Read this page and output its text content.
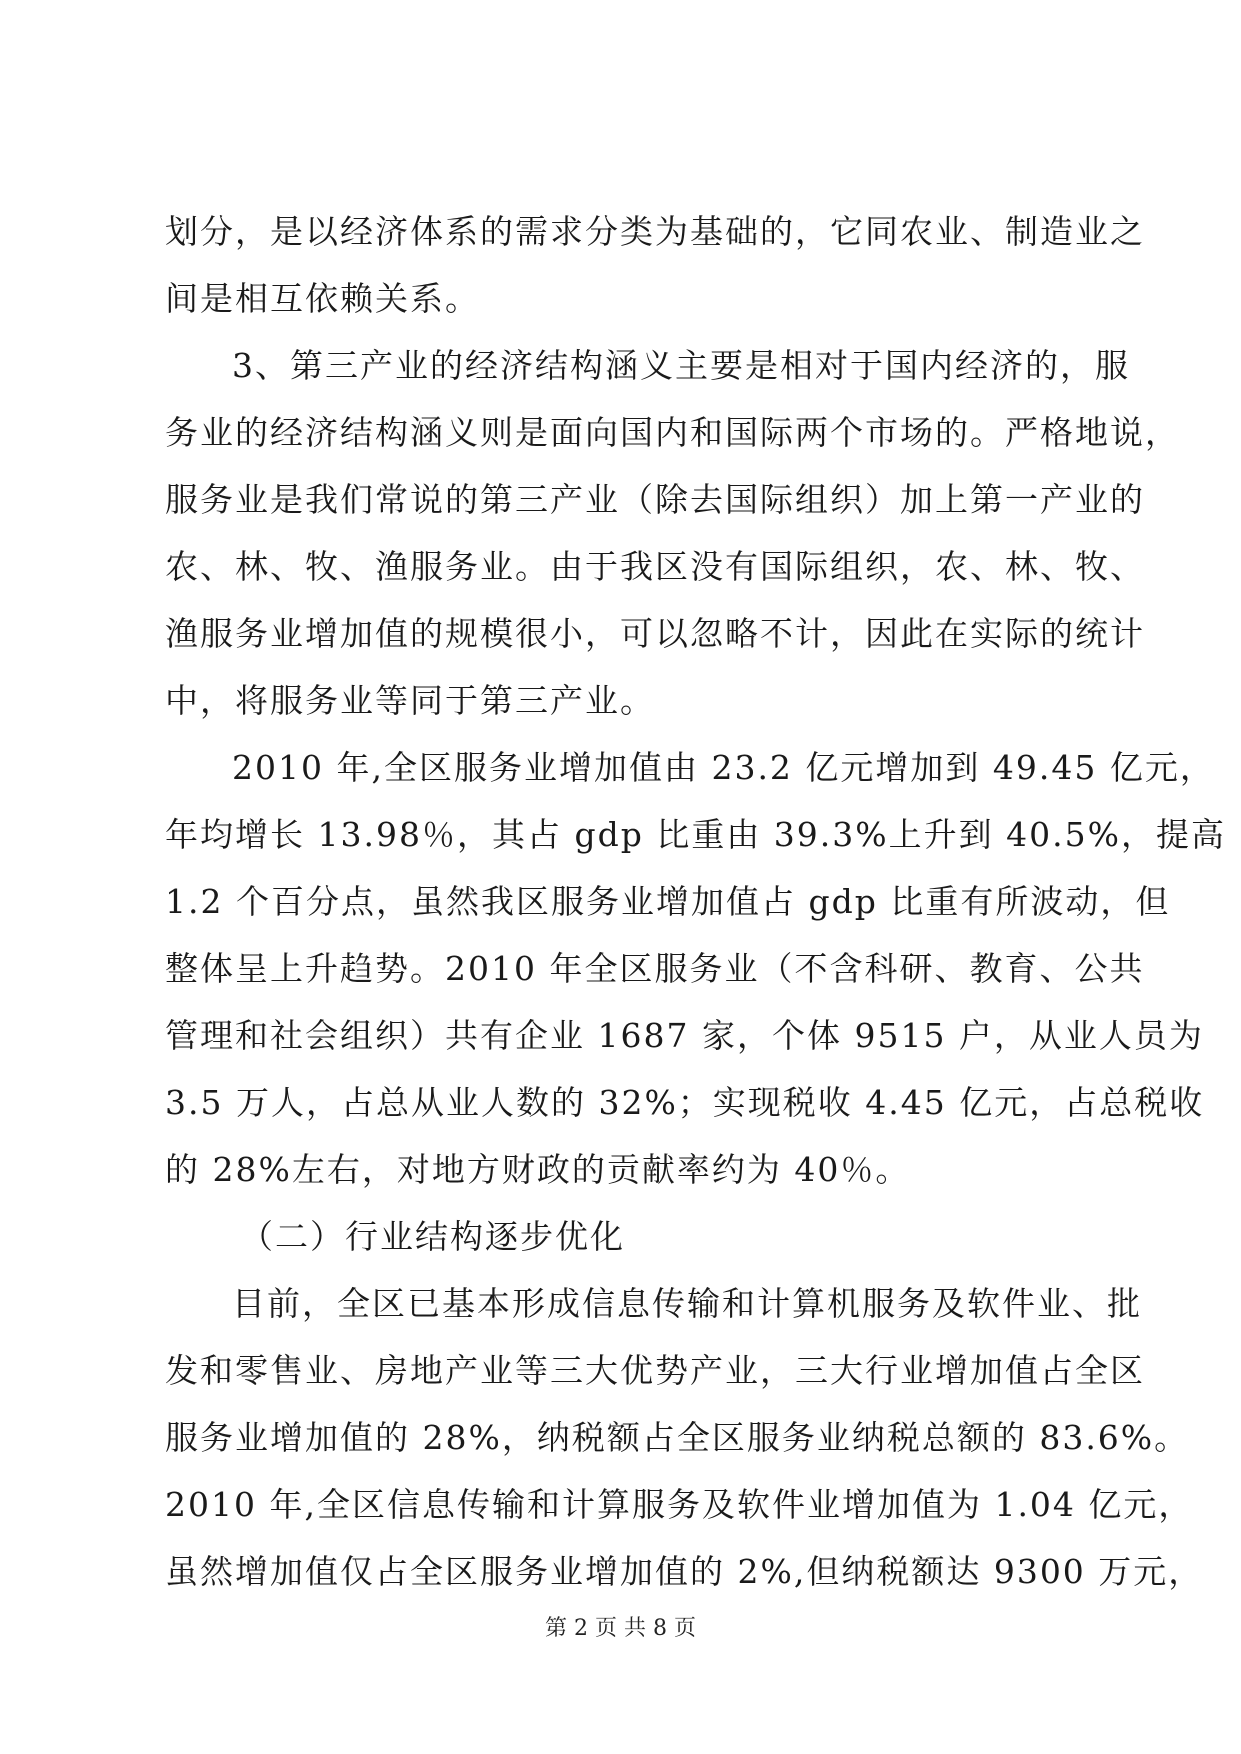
划分，是以经济体系的需求分类为基础的，它同农业、制造业之
间是相互依赖关系。
3、第三产业的经济结构涵义主要是相对于国内经济的，服
务业的经济结构涵义则是面向国内和国际两个市场的。严格地说，
服务业是我们常说的第三产业（除去国际组织）加上第一产业的
农、林、牧、渔服务业。由于我区没有国际组织，农、林、牧、
渔服务业增加值的规模很小，可以忽略不计，因此在实际的统计
中，将服务业等同于第三产业。
2010 年,全区服务业增加值由 23.2 亿元增加到 49.45 亿元，
年均增长 13.98％，其占 gdp 比重由 39.3%上升到 40.5%，提高
1.2 个百分点，虽然我区服务业增加值占 gdp 比重有所波动，但
整体呈上升趋势。2010 年全区服务业（不含科研、教育、公共
管理和社会组织）共有企业 1687 家，个体 9515 户，从业人员为
3.5 万人，占总从业人数的 32%；实现税收 4.45 亿元，占总税收
的 28%左右，对地方财政的贡献率约为 40％。
（二）行业结构逐步优化
目前，全区已基本形成信息传输和计算机服务及软件业、批
发和零售业、房地产业等三大优势产业，三大行业增加值占全区
服务业增加值的 28%，纳税额占全区服务业纳税总额的 83.6%。
2010 年,全区信息传输和计算服务及软件业增加值为 1.04 亿元，
虽然增加值仅占全区服务业增加值的 2%,但纳税额达 9300 万元，
第 2 页 共 8 页
